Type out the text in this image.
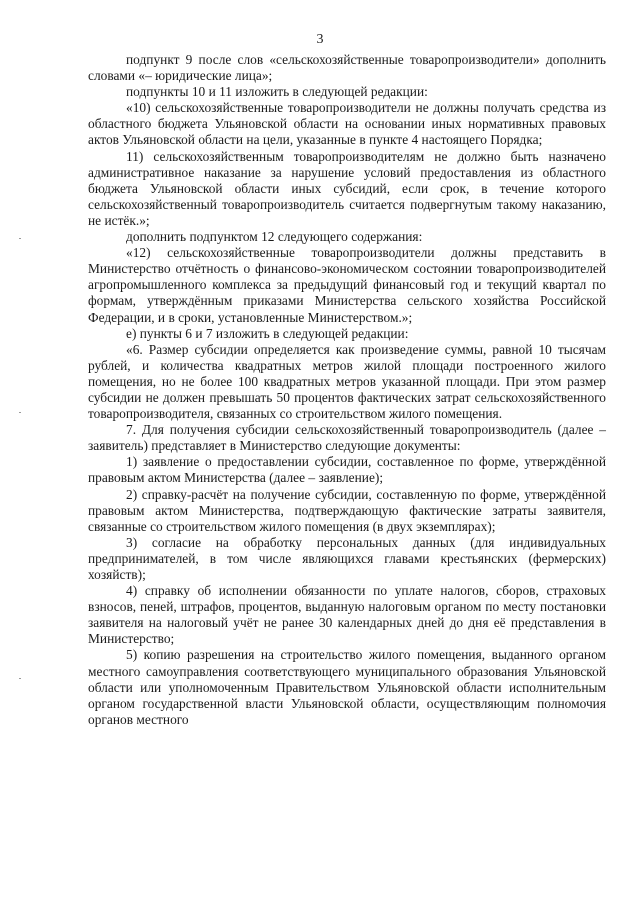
3

подпункт 9 после слов «сельскохозяйственные товаропроизводители» дополнить словами «– юридические лица»;

подпункты 10 и 11 изложить в следующей редакции:

«10) сельскохозяйственные товаропроизводители не должны получать средства из областного бюджета Ульяновской области на основании иных нормативных правовых актов Ульяновской области на цели, указанные в пункте 4 настоящего Порядка;

11) сельскохозяйственным товаропроизводителям не должно быть назначено административное наказание за нарушение условий предоставления из областного бюджета Ульяновской области иных субсидий, если срок, в течение которого сельскохозяйственный товаропроизводитель считается подвергнутым такому наказанию, не истёк.»;

дополнить подпунктом 12 следующего содержания:

«12) сельскохозяйственные товаропроизводители должны представить в Министерство отчётность о финансово-экономическом состоянии товаропроизводителей агропромышленного комплекса за предыдущий финансовый год и текущий квартал по формам, утверждённым приказами Министерства сельского хозяйства Российской Федерации, и в сроки, установленные Министерством.»;

е) пункты 6 и 7 изложить в следующей редакции:

«6. Размер субсидии определяется как произведение суммы, равной 10 тысячам рублей, и количества квадратных метров жилой площади построенного жилого помещения, но не более 100 квадратных метров указанной площади. При этом размер субсидии не должен превышать 50 процентов фактических затрат сельскохозяйственного товаропроизводителя, связанных со строительством жилого помещения.

7. Для получения субсидии сельскохозяйственный товаропроизводитель (далее – заявитель) представляет в Министерство следующие документы:

1) заявление о предоставлении субсидии, составленное по форме, утверждённой правовым актом Министерства (далее – заявление);

2) справку-расчёт на получение субсидии, составленную по форме, утверждённой правовым актом Министерства, подтверждающую фактические затраты заявителя, связанные со строительством жилого помещения (в двух экземплярах);

3) согласие на обработку персональных данных (для индивидуальных предпринимателей, в том числе являющихся главами крестьянских (фермерских) хозяйств);

4) справку об исполнении обязанности по уплате налогов, сборов, страховых взносов, пеней, штрафов, процентов, выданную налоговым органом по месту постановки заявителя на налоговый учёт не ранее 30 календарных дней до дня её представления в Министерство;

5) копию разрешения на строительство жилого помещения, выданного органом местного самоуправления соответствующего муниципального образования Ульяновской области или уполномоченным Правительством Ульяновской области исполнительным органом государственной власти Ульяновской области, осуществляющим полномочия органов местного
